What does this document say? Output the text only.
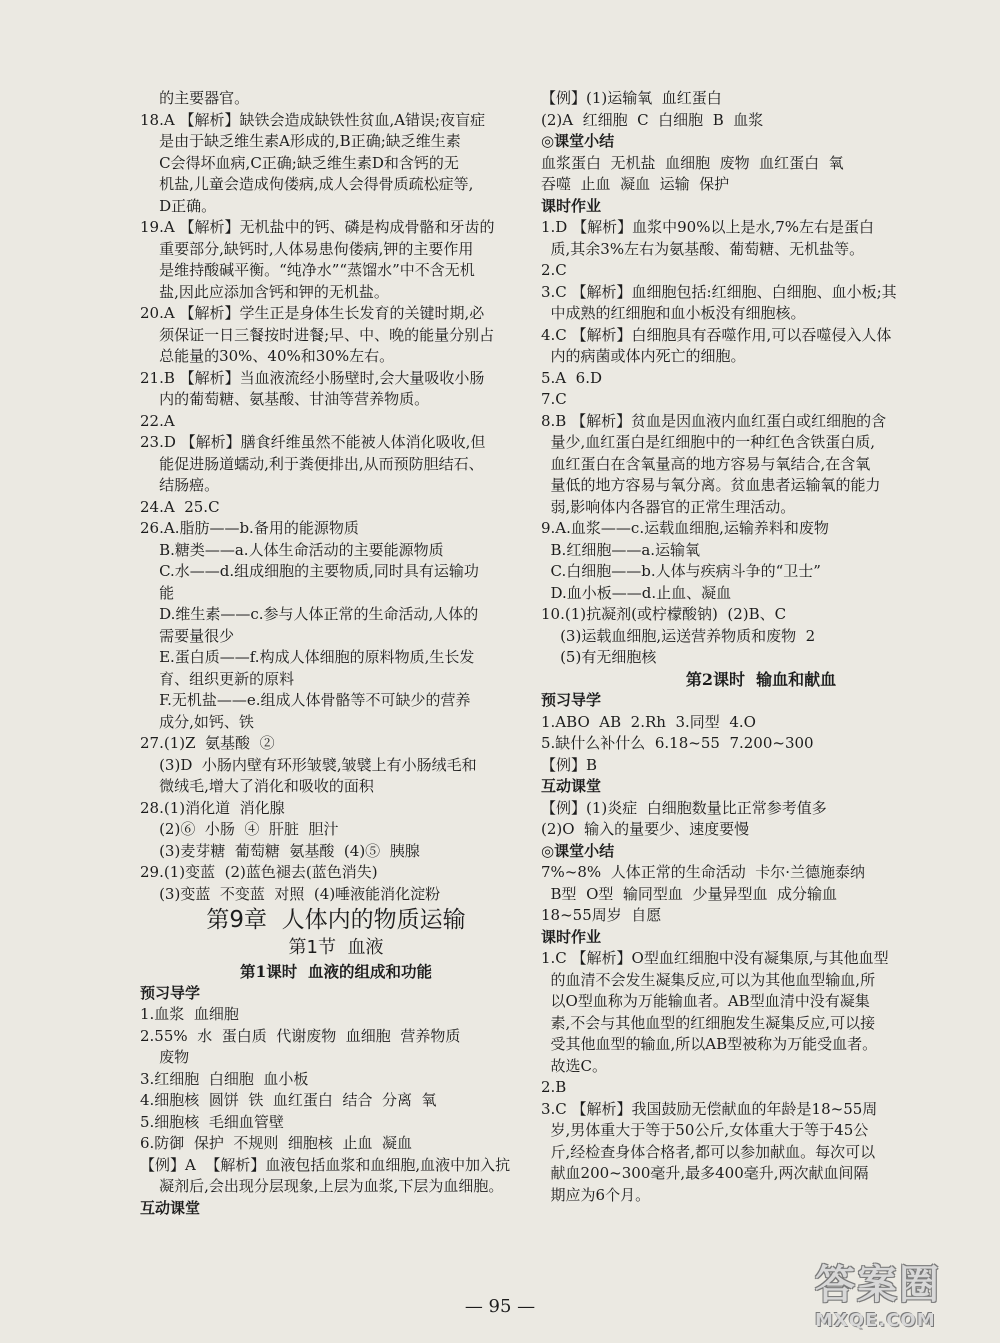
的主要器官。
18.A 【解析】缺铁会造成缺铁性贫血,A错误;夜盲症
是由于缺乏维生素A形成的,B正确;缺乏维生素
C会得坏血病,C正确;缺乏维生素D和含钙的无
机盐,儿童会造成佝偻病,成人会得骨质疏松症等,
D正确。
19.A 【解析】无机盐中的钙、磷是构成骨骼和牙齿的
重要部分,缺钙时,人体易患佝偻病,钾的主要作用
是维持酸碱平衡。“纯净水”“蒸馏水”中不含无机
盐,因此应添加含钙和钾的无机盐。
20.A 【解析】学生正是身体生长发育的关键时期,必
须保证一日三餐按时进餐;早、中、晚的能量分别占
总能量的30%、40%和30%左右。
21.B 【解析】当血液流经小肠壁时,会大量吸收小肠
内的葡萄糖、氨基酸、甘油等营养物质。
22.A
23.D 【解析】膳食纤维虽然不能被人体消化吸收,但
能促进肠道蠕动,利于粪便排出,从而预防胆结石、
结肠癌。
24.A  25.C
26.A.脂肪——b.备用的能源物质
B.糖类——a.人体生命活动的主要能源物质
C.水——d.组成细胞的主要物质,同时具有运输功
能
D.维生素——c.参与人体正常的生命活动,人体的
需要量很少
E.蛋白质——f.构成人体细胞的原料物质,生长发
育、组织更新的原料
F.无机盐——e.组成人体骨骼等不可缺少的营养
成分,如钙、铁
27.(1)Z  氨基酸  ②
(3)D  小肠内壁有环形皱襞,皱襞上有小肠绒毛和
微绒毛,增大了消化和吸收的面积
28.(1)消化道  消化腺
(2)⑥  小肠  ④  肝脏  胆汁
(3)麦芽糖  葡萄糖  氨基酸  (4)⑤  胰腺
29.(1)变蓝  (2)蓝色褪去(蓝色消失)
(3)变蓝  不变蓝  对照  (4)唾液能消化淀粉
第9章  人体内的物质运输
第1节  血液
第1课时  血液的组成和功能
预习导学
1.血浆  血细胞
2.55%  水  蛋白质  代谢废物  血细胞  营养物质
废物
3.红细胞  白细胞  血小板
4.细胞核  圆饼  铁  血红蛋白  结合  分离  氧
5.细胞核  毛细血管壁
6.防御  保护  不规则  细胞核  止血  凝血
【例】A  【解析】血液包括血浆和血细胞,血液中加入抗
凝剂后,会出现分层现象,上层为血浆,下层为血细胞。
互动课堂
【例】(1)运输氧  血红蛋白
(2)A  红细胞  C  白细胞  B  血浆
◎课堂小结
血浆蛋白  无机盐  血细胞  废物  血红蛋白  氧
吞噬  止血  凝血  运输  保护
课时作业
1.D 【解析】血浆中90%以上是水,7%左右是蛋白
质,其余3%左右为氨基酸、葡萄糖、无机盐等。
2.C
3.C 【解析】血细胞包括:红细胞、白细胞、血小板;其
中成熟的红细胞和血小板没有细胞核。
4.C 【解析】白细胞具有吞噬作用,可以吞噬侵入人体
内的病菌或体内死亡的细胞。
5.A  6.D
7.C
8.B 【解析】贫血是因血液内血红蛋白或红细胞的含
量少,血红蛋白是红细胞中的一种红色含铁蛋白质,
血红蛋白在含氧量高的地方容易与氧结合,在含氧
量低的地方容易与氧分离。贫血患者运输氧的能力
弱,影响体内各器官的正常生理活动。
9.A.血浆——c.运载血细胞,运输养料和废物
B.红细胞——a.运输氧
C.白细胞——b.人体与疾病斗争的“卫士”
D.血小板——d.止血、凝血
10.(1)抗凝剂(或柠檬酸钠)  (2)B、C
(3)运载血细胞,运送营养物质和废物  2
(5)有无细胞核
第2课时  输血和献血
预习导学
1.ABO  AB  2.Rh  3.同型  4.O
5.缺什么补什么  6.18~55  7.200~300
【例】B
互动课堂
【例】(1)炎症  白细胞数量比正常参考值多
(2)O  输入的量要少、速度要慢
◎课堂小结
7%~8%  人体正常的生命活动  卡尔·兰德施泰纳
B型  O型  输同型血  少量异型血  成分输血
18~55周岁  自愿
课时作业
1.C 【解析】O型血红细胞中没有凝集原,与其他血型
的血清不会发生凝集反应,可以为其他血型输血,所
以O型血称为万能输血者。AB型血清中没有凝集
素,不会与其他血型的红细胞发生凝集反应,可以接
受其他血型的输血,所以AB型被称为万能受血者。
故选C。
2.B
3.C 【解析】我国鼓励无偿献血的年龄是18~55周
岁,男体重大于等于50公斤,女体重大于等于45公
斤,经检查身体合格者,都可以参加献血。每次可以
献血200~300毫升,最多400毫升,两次献血间隔
期应为6个月。
— 95 —	答案圈
MXQE.COM
